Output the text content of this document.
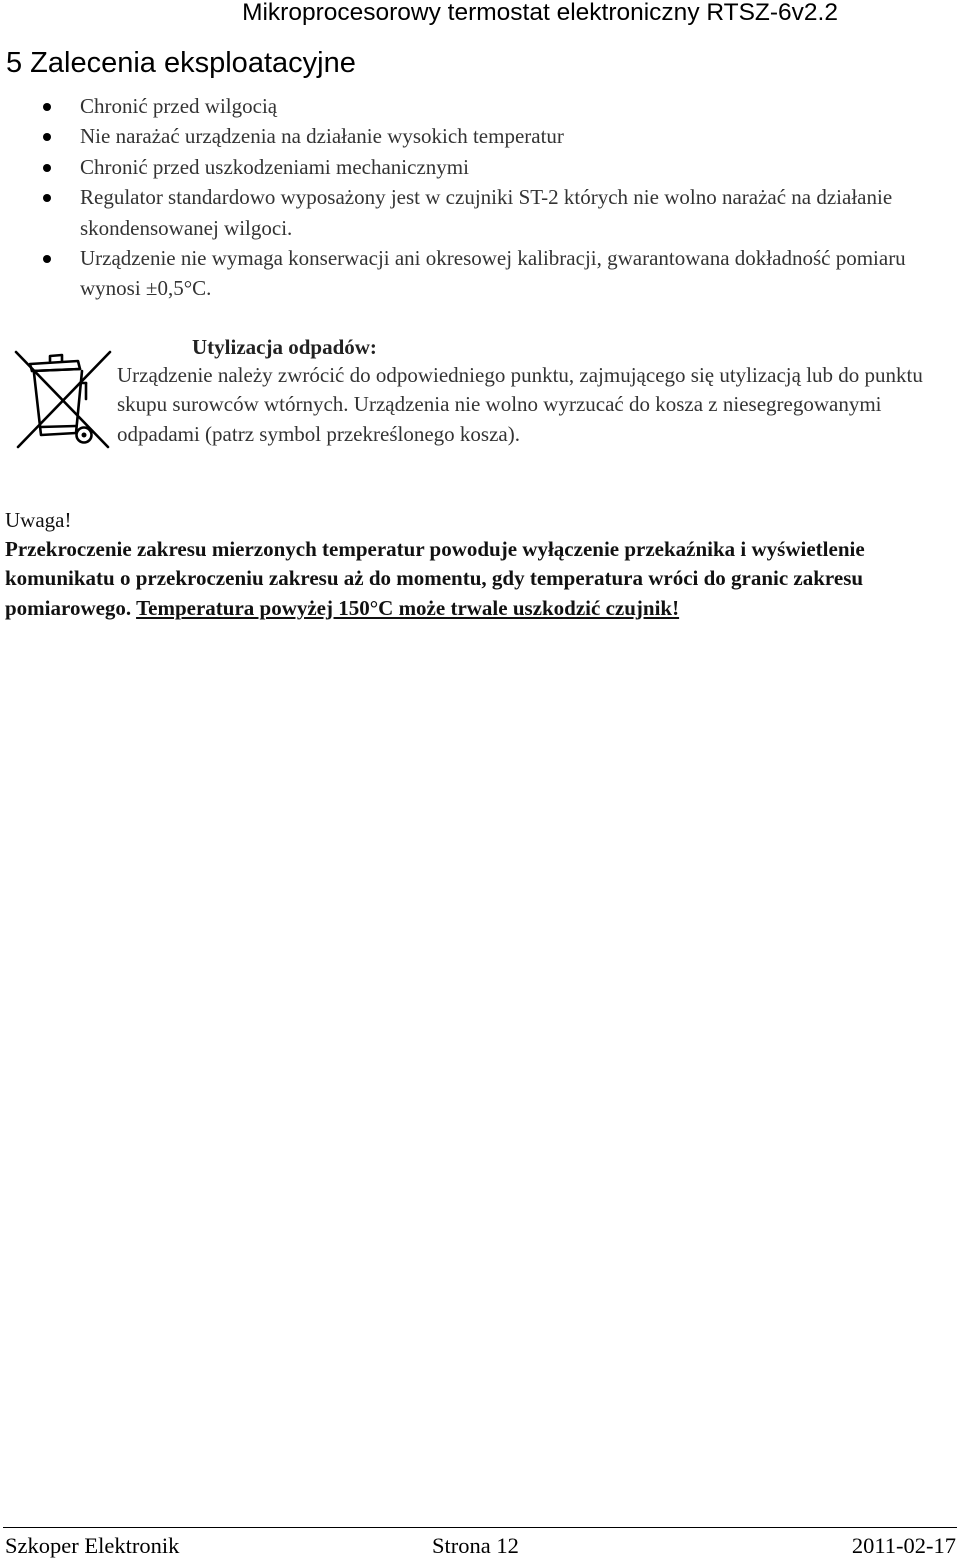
Mikroprocesorowy termostat elektroniczny RTSZ-6v2.2
5 Zalecenia eksploatacyjne
Chronić przed wilgocią
Nie narażać urządzenia na działanie wysokich temperatur
Chronić przed uszkodzeniami mechanicznymi
Regulator standardowo wyposażony jest w czujniki ST-2 których nie wolno narażać na działanie skondensowanej wilgoci.
Urządzenie nie wymaga konserwacji ani okresowej kalibracji, gwarantowana dokładność pomiaru wynosi ±0,5°C.
Utylizacja odpadów:

Urządzenie należy zwrócić do odpowiedniego punktu, zajmującego się utylizacją lub do punktu skupu surowców wtórnych. Urządzenia nie wolno wyrzucać do kosza z niesegregowanymi odpadami (patrz symbol przekreślonego kosza).

Uwaga!
Przekroczenie zakresu mierzonych temperatur powoduje wyłączenie przekaźnika i wyświetlenie komunikatu o przekroczeniu zakresu aż do momentu, gdy temperatura wróci do granic zakresu pomiarowego. Temperatura powyżej 150°C może trwale uszkodzić czujnik!
Szkoper Elektronik	Strona 12	2011-02-17
